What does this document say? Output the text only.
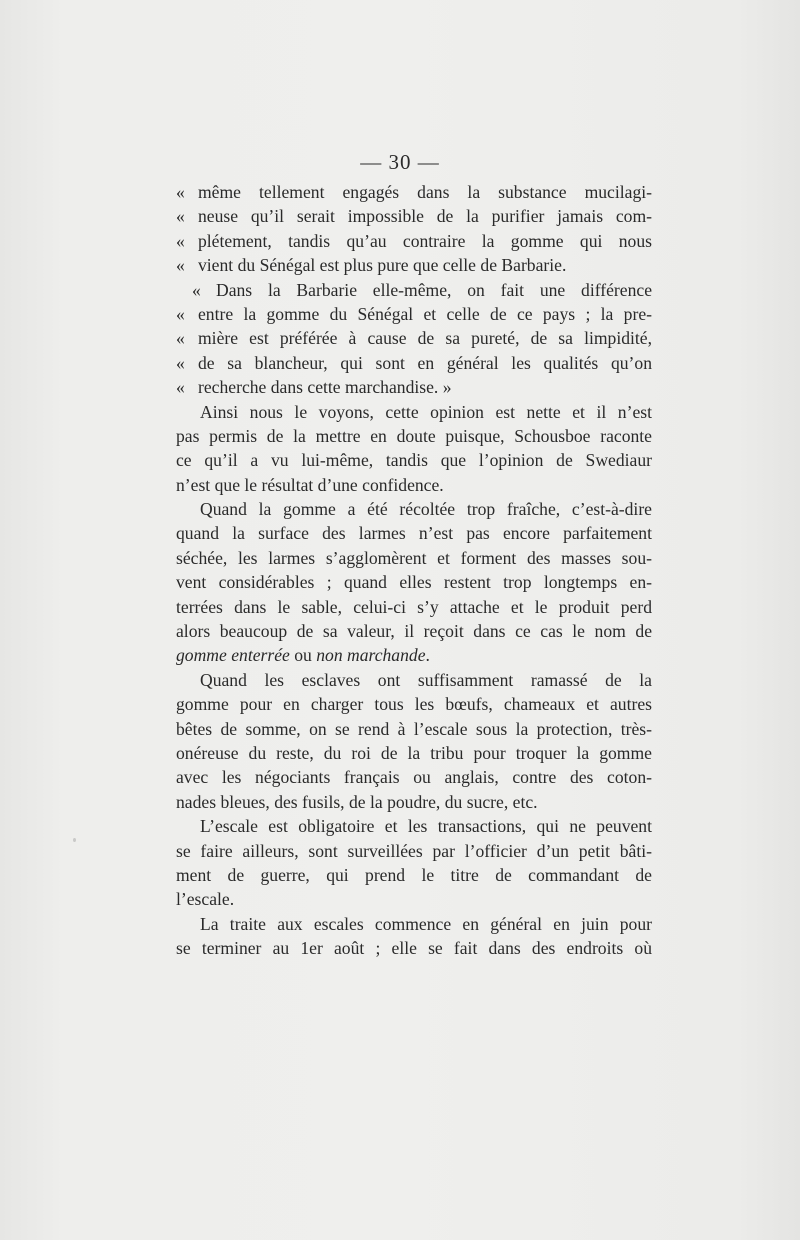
— 30 —
« même tellement engagés dans la substance mucilagi-
« neuse qu’il serait impossible de la purifier jamais com-
« plétement, tandis qu’au contraire la gomme qui nous
« vient du Sénégal est plus pure que celle de Barbarie.
« Dans la Barbarie elle-même, on fait une différence
« entre la gomme du Sénégal et celle de ce pays ; la pre-
« mière est préférée à cause de sa pureté, de sa limpidité,
« de sa blancheur, qui sont en général les qualités qu’on
« recherche dans cette marchandise. »
Ainsi nous le voyons, cette opinion est nette et il n’est
pas permis de la mettre en doute puisque, Schousboe raconte
ce qu’il a vu lui-même, tandis que l’opinion de Swediaur
n’est que le résultat d’une confidence.
Quand la gomme a été récoltée trop fraîche, c’est-à-dire
quand la surface des larmes n’est pas encore parfaitement
séchée, les larmes s’agglomèrent et forment des masses sou-
vent considérables ; quand elles restent trop longtemps en-
terrées dans le sable, celui-ci s’y attache et le produit perd
alors beaucoup de sa valeur, il reçoit dans ce cas le nom de
gomme enterrée ou non marchande.
Quand les esclaves ont suffisamment ramassé de la
gomme pour en charger tous les bœufs, chameaux et autres
bêtes de somme, on se rend à l’escale sous la protection, très-
onéreuse du reste, du roi de la tribu pour troquer la gomme
avec les négociants français ou anglais, contre des coton-
nades bleues, des fusils, de la poudre, du sucre, etc.
L’escale est obligatoire et les transactions, qui ne peuvent
se faire ailleurs, sont surveillées par l’officier d’un petit bâti-
ment de guerre, qui prend le titre de commandant de
l’escale.
La traite aux escales commence en général en juin pour
se terminer au 1er août ; elle se fait dans des endroits où
